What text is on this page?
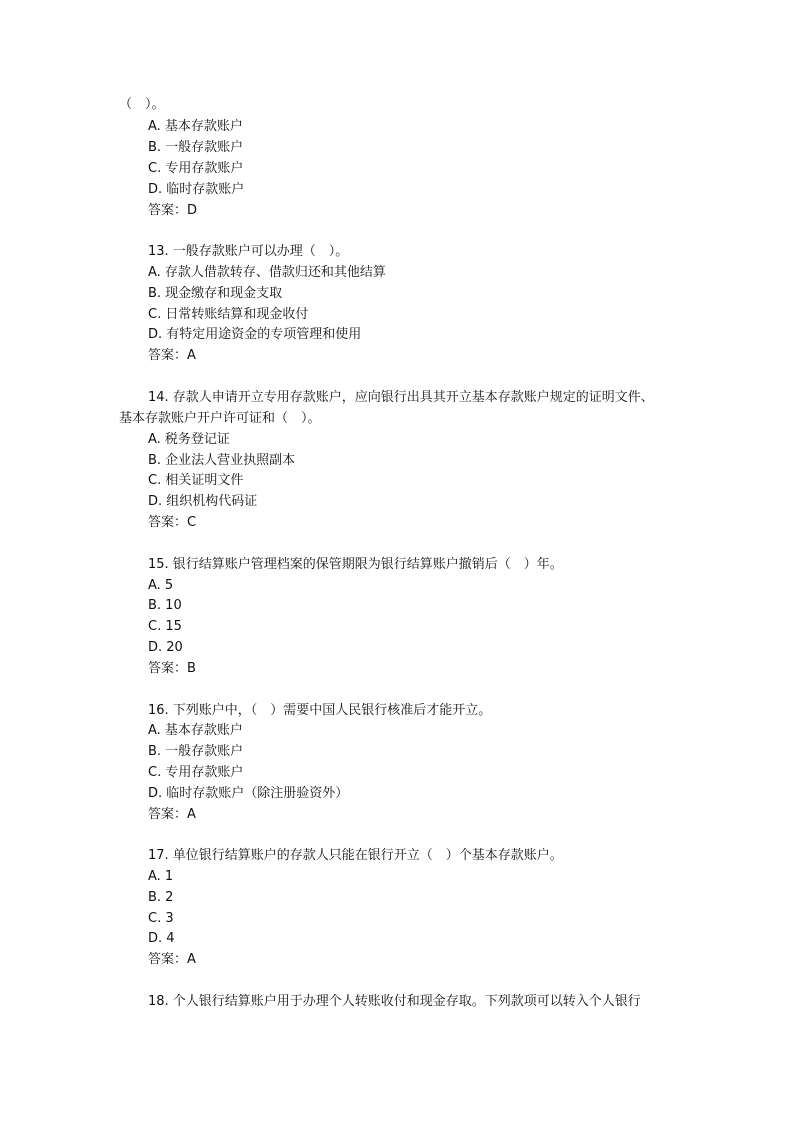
（　）。
A. 基本存款账户
B. 一般存款账户
C. 专用存款账户
D. 临时存款账户
答案：D
13. 一般存款账户可以办理（　）。
A. 存款人借款转存、借款归还和其他结算
B. 现金缴存和现金支取
C. 日常转账结算和现金收付
D. 有特定用途资金的专项管理和使用
答案：A
14. 存款人申请开立专用存款账户，应向银行出具其开立基本存款账户规定的证明文件、
基本存款账户开户许可证和（　）。
A. 税务登记证
B. 企业法人营业执照副本
C. 相关证明文件
D. 组织机构代码证
答案：C
15. 银行结算账户管理档案的保管期限为银行结算账户撤销后（　）年。
A. 5
B. 10
C. 15
D. 20
答案：B
16. 下列账户中，（　）需要中国人民银行核准后才能开立。
A. 基本存款账户
B. 一般存款账户
C. 专用存款账户
D. 临时存款账户（除注册验资外）
答案：A
17. 单位银行结算账户的存款人只能在银行开立（　）个基本存款账户。
A. 1
B. 2
C. 3
D. 4
答案：A
18. 个人银行结算账户用于办理个人转账收付和现金存取。下列款项可以转入个人银行
